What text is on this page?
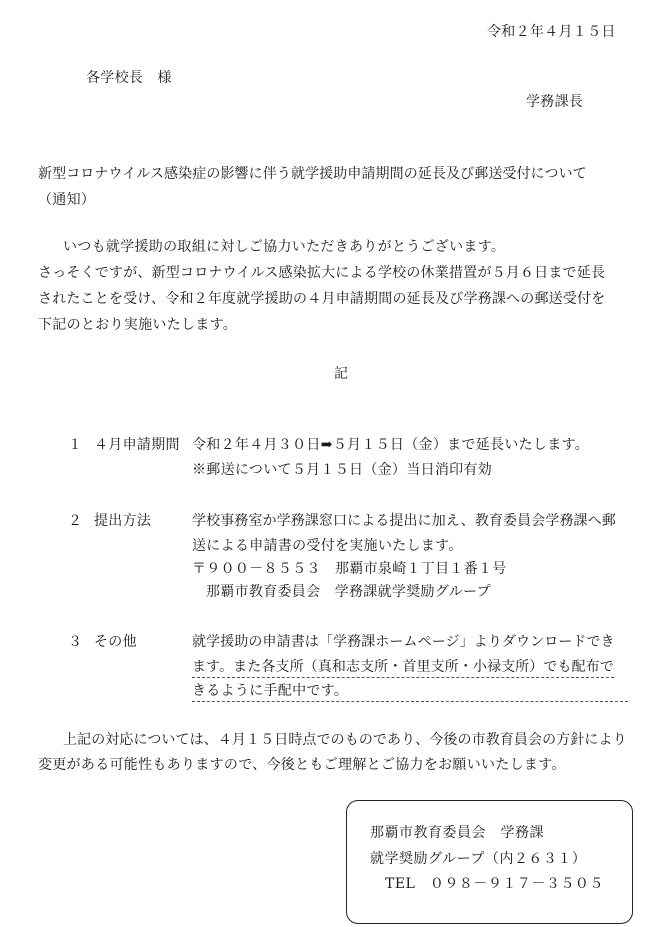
令和２年４月１５日
各学校長　様
学務課長
新型コロナウイルス感染症の影響に伴う就学援助申請期間の延長及び郵送受付について
（通知）
いつも就学援助の取組に対しご協力いただきありがとうございます。
さっそくですが、新型コロナウイルス感染拡大による学校の休業措置が５月６日まで延長
されたことを受け、令和２年度就学援助の４月申請期間の延長及び学務課への郵送受付を
下記のとおり実施いたします。
記
１ ４月申請期間 令和２年４月３０日➡５月１５日（金）まで延長いたします。
※郵送について５月１５日（金）当日消印有効
２ 提出方法	学校事務室か学務課窓口による提出に加え、教育委員会学務課へ郵
送による申請書の受付を実施いたします。
〒９００－８５５３　那覇市泉崎１丁目１番１号
那覇市教育委員会　学務課就学奨励グループ
３ その他	就学援助の申請書は「学務課ホームページ」よりダウンロードでき
ます。また各支所（真和志支所・首里支所・小禄支所）でも配布で
きるように手配中です。
上記の対応については、４月１５日時点でのものであり、今後の市教育員会の方針により
変更がある可能性もありますので、今後ともご理解とご協力をお願いいたします。
那覇市教育委員会　学務課
就学奨励グループ（内２６３１）
TEL　０９８－９１７－３５０５
